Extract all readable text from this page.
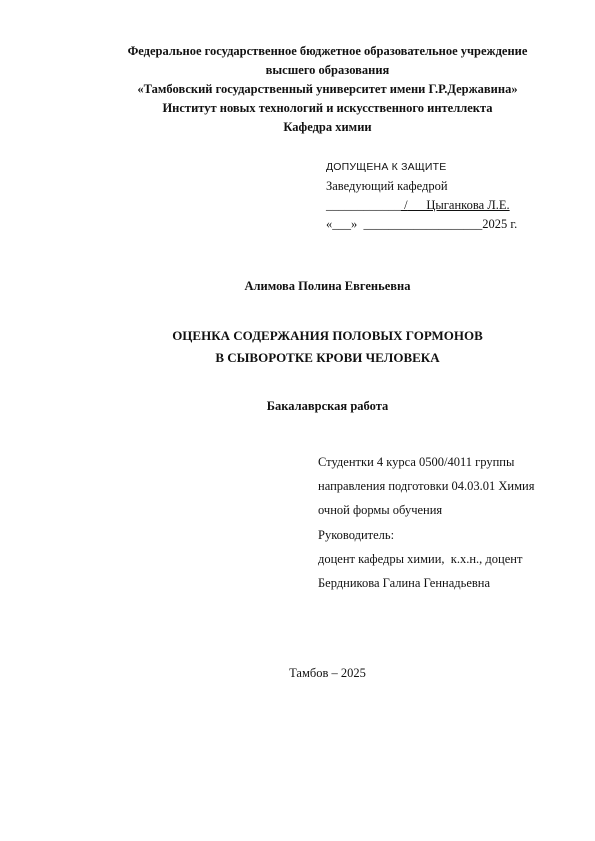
Федеральное государственное бюджетное образовательное учреждение
высшего образования
«Тамбовский государственный университет имени Г.Р.Державина»
Институт новых технологий и искусственного интеллекта
Кафедра химии
ДОПУЩЕНА К ЗАЩИТЕ
Заведующий кафедрой
____________ /      Цыганкова Л.Е.
«___»  ___________________2025 г.
Алимова Полина Евгеньевна
ОЦЕНКА СОДЕРЖАНИЯ ПОЛОВЫХ ГОРМОНОВ
В СЫВОРОТКЕ КРОВИ ЧЕЛОВЕКА
Бакалаврская работа
Студентки 4 курса 0500/4011 группы
направления подготовки 04.03.01 Химия
очной формы обучения
Руководитель:
доцент кафедры химии,  к.х.н., доцент
Бердникова Галина Геннадьевна
Тамбов – 2025
